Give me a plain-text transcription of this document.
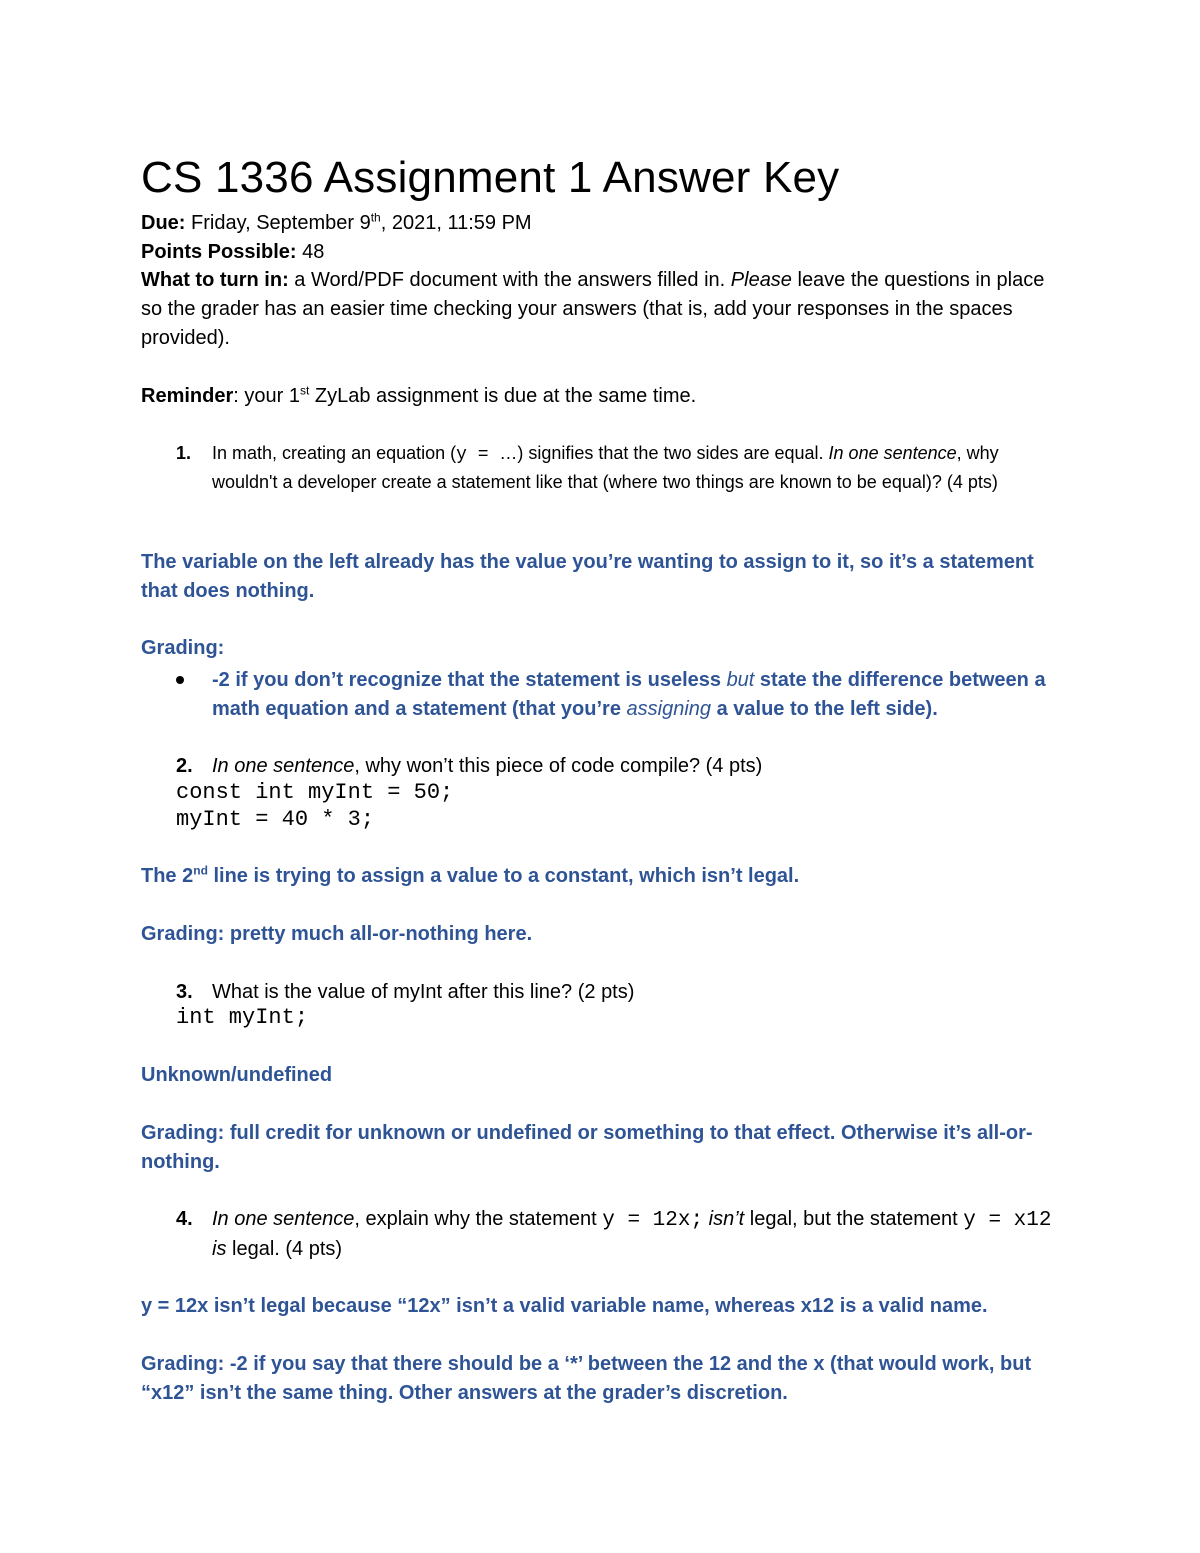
CS 1336 Assignment 1 Answer Key

Due: Friday, September 9th, 2021, 11:59 PM

Points Possible: 48

What to turn in: a Word/PDF document with the answers filled in. Please leave the questions in place so the grader has an easier time checking your answers (that is, add your responses in the spaces provided).

Reminder: your 1st ZyLab assignment is due at the same time.

1. In math, creating an equation (y = …) signifies that the two sides are equal. In one sentence, why wouldn't a developer create a statement like that (where two things are known to be equal)? (4 pts)

The variable on the left already has the value you’re wanting to assign to it, so it’s a statement that does nothing.

Grading:

-2 if you don’t recognize that the statement is useless but state the difference between a math equation and a statement (that you’re assigning a value to the left side).

2. In one sentence, why won’t this piece of code compile? (4 pts)
const int myInt = 50;
myInt = 40 * 3;

The 2nd line is trying to assign a value to a constant, which isn’t legal.

Grading: pretty much all-or-nothing here.

3. What is the value of myInt after this line? (2 pts)
int myInt;

Unknown/undefined

Grading: full credit for unknown or undefined or something to that effect. Otherwise it’s all-or-nothing.

4. In one sentence, explain why the statement y = 12x; isn’t legal, but the statement y = x12 is legal. (4 pts)

y = 12x isn’t legal because “12x” isn’t a valid variable name, whereas x12 is a valid name.

Grading: -2 if you say that there should be a ‘*’ between the 12 and the x (that would work, but “x12” isn’t the same thing. Other answers at the grader’s discretion.
